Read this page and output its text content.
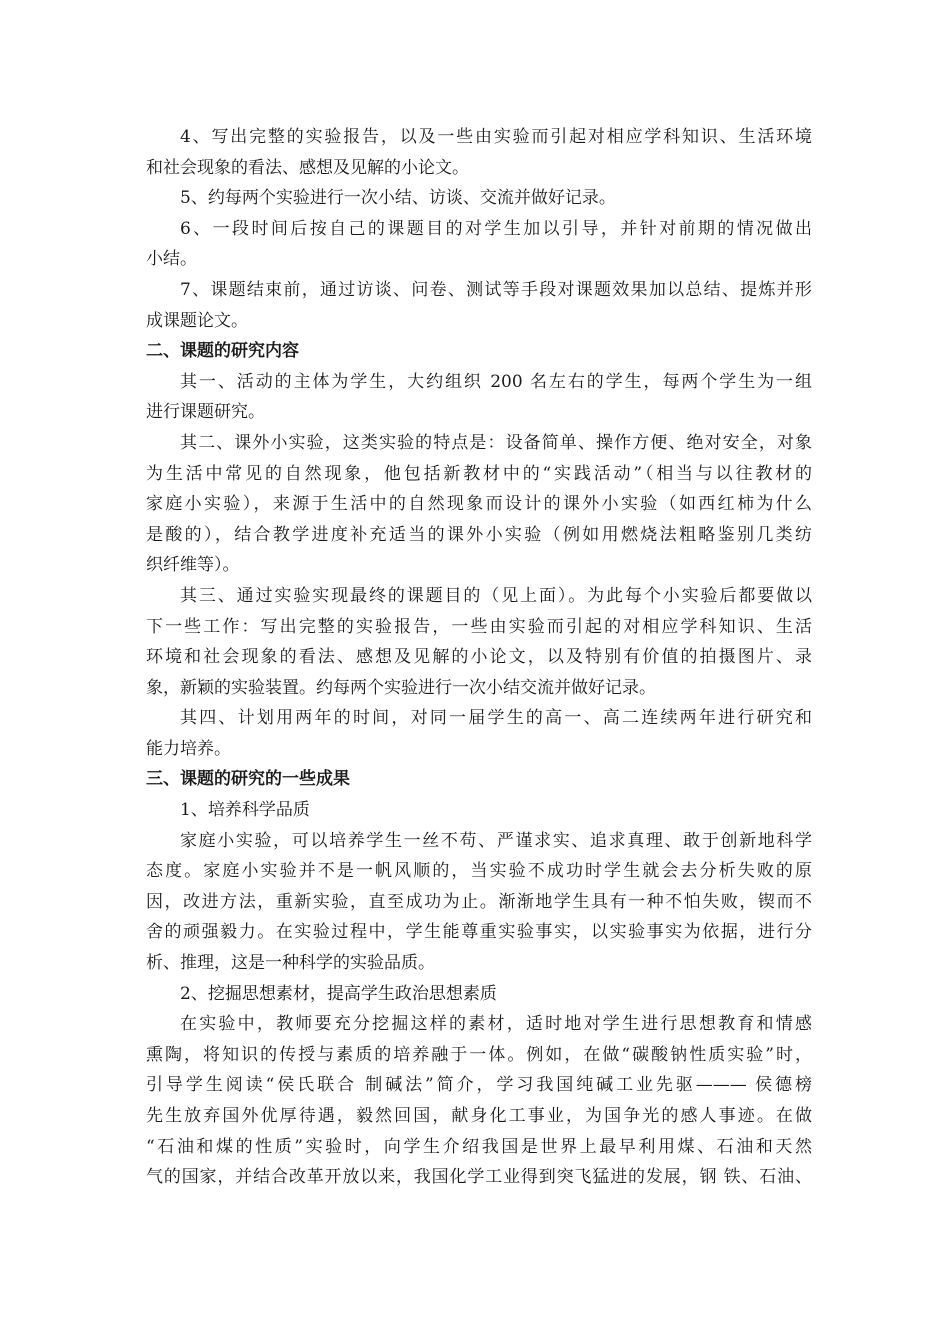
4、写出完整的实验报告，以及一些由实验而引起对相应学科知识、生活环境
和社会现象的看法、感想及见解的小论文。
5、约每两个实验进行一次小结、访谈、交流并做好记录。
6、一段时间后按自己的课题目的对学生加以引导，并针对前期的情况做出
小结。
7、课题结束前，通过访谈、问卷、测试等手段对课题效果加以总结、提炼并形
成课题论文。
二、课题的研究内容
其一、活动的主体为学生，大约组织 200 名左右的学生，每两个学生为一组
进行课题研究。
其二、课外小实验，这类实验的特点是：设备简单、操作方便、绝对安全，对象
为生活中常见的自然现象，他包括新教材中的“实践活动”（相当与以往教材的
家庭小实验），来源于生活中的自然现象而设计的课外小实验（如西红柿为什么
是酸的），结合教学进度补充适当的课外小实验（例如用燃烧法粗略鉴别几类纺
织纤维等）。
其三、通过实验实现最终的课题目的（见上面）。为此每个小实验后都要做以
下一些工作：写出完整的实验报告，一些由实验而引起的对相应学科知识、生活
环境和社会现象的看法、感想及见解的小论文，以及特别有价值的拍摄图片、录
象，新颖的实验装置。约每两个实验进行一次小结交流并做好记录。
其四、计划用两年的时间，对同一届学生的高一、高二连续两年进行研究和
能力培养。
三、课题的研究的一些成果
1、培养科学品质
家庭小实验，可以培养学生一丝不苟、严谨求实、追求真理、敢于创新地科学
态度。家庭小实验并不是一帆风顺的，当实验不成功时学生就会去分析失败的原
因，改进方法，重新实验，直至成功为止。渐渐地学生具有一种不怕失败，锲而不
舍的顽强毅力。在实验过程中，学生能尊重实验事实，以实验事实为依据，进行分
析、推理，这是一种科学的实验品质。
2、挖掘思想素材，提高学生政治思想素质
在实验中，教师要充分挖掘这样的素材，适时地对学生进行思想教育和情感
熏陶，将知识的传授与素质的培养融于一体。例如，在做“碳酸钠性质实验”时，
引导学生阅读“侯氏联合 制碱法”简介，学习我国纯碱工业先驱——— 侯德榜
先生放弃国外优厚待遇，毅然回国，献身化工事业，为国争光的感人事迹。在做
“石油和煤的性质”实验时，向学生介绍我国是世界上最早利用煤、石油和天然
气的国家，并结合改革开放以来，我国化学工业得到突飞猛进的发展，钢 铁、石油、
